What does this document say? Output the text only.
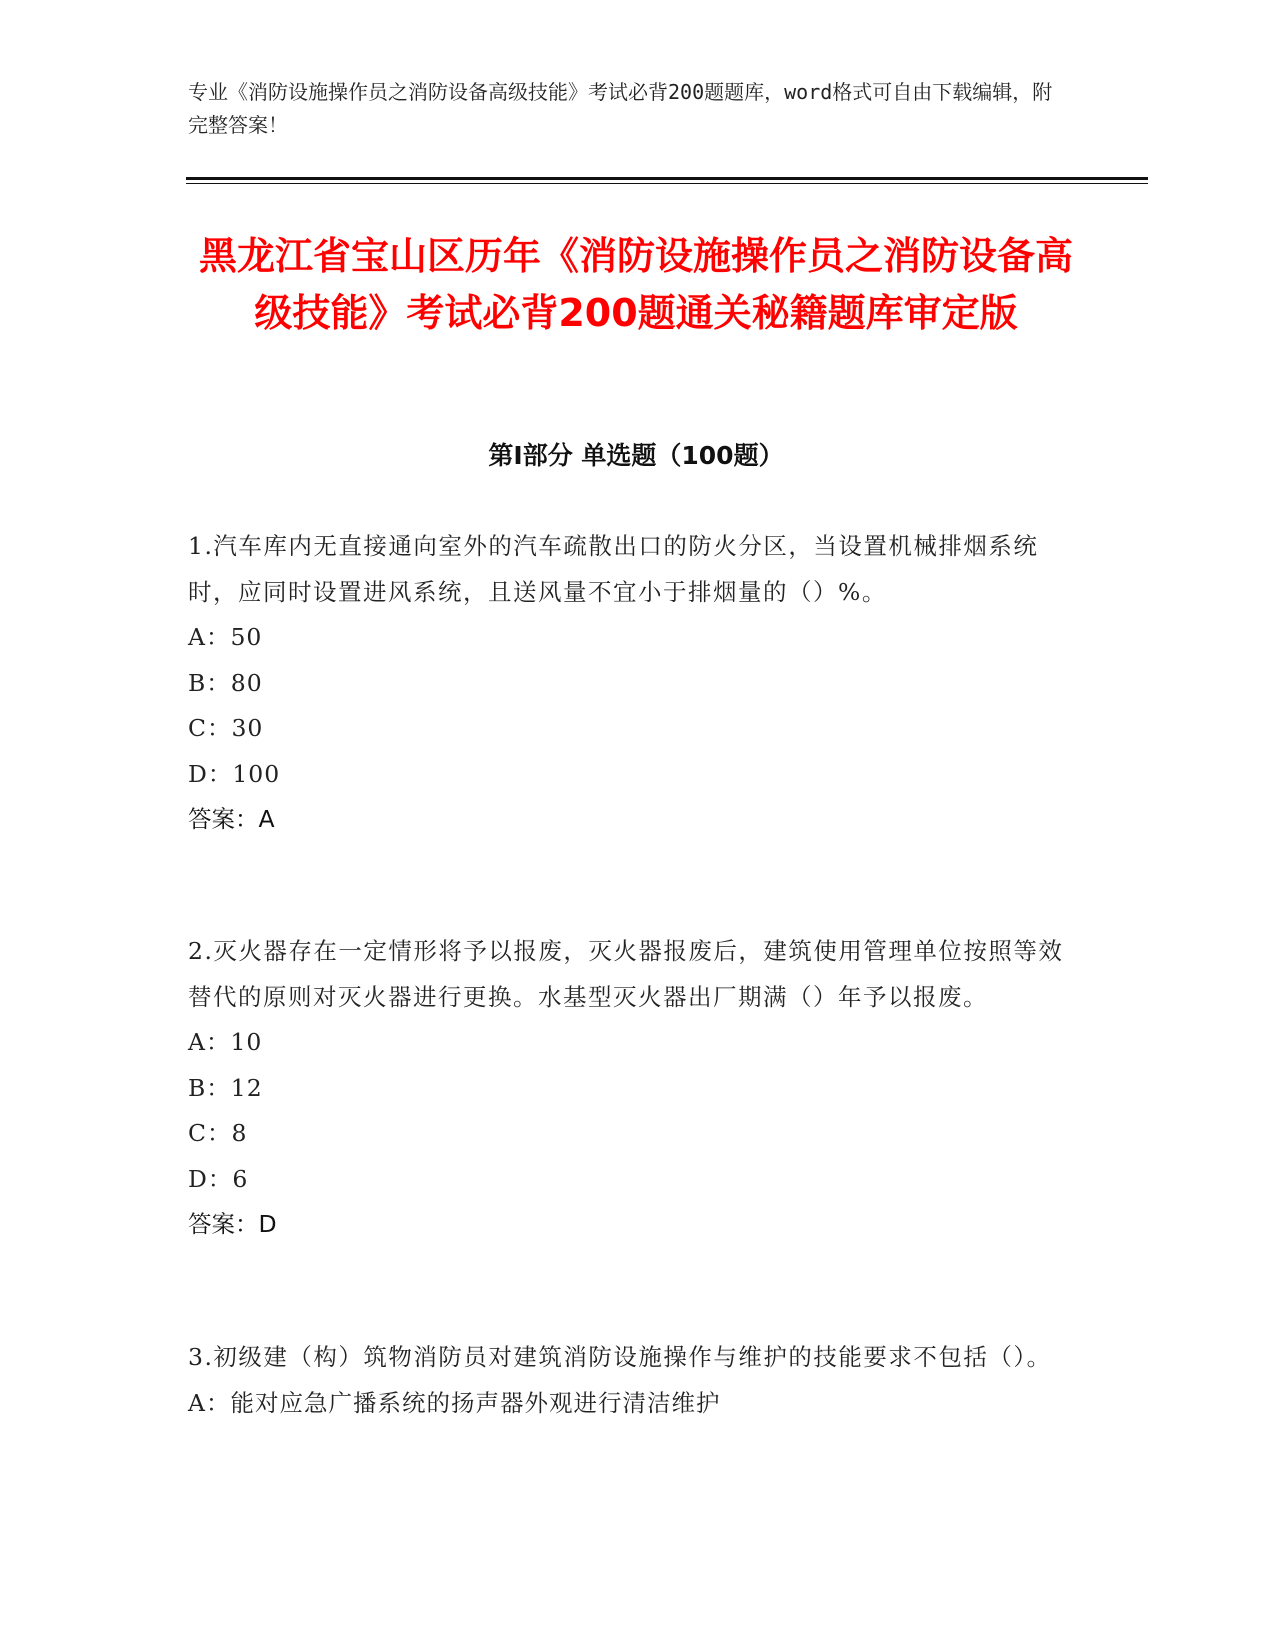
专业《消防设施操作员之消防设备高级技能》考试必背200题题库，word格式可自由下载编辑，附完整答案！
黑龙江省宝山区历年《消防设施操作员之消防设备高级技能》考试必背200题通关秘籍题库审定版
第Ⅰ部分 单选题（100题）

1.汽车库内无直接通向室外的汽车疏散出口的防火分区，当设置机械排烟系统时，应同时设置进风系统，且送风量不宜小于排烟量的（）%。

A：50

B：80

C：30

D：100

答案：A

2.灭火器存在一定情形将予以报废，灭火器报废后，建筑使用管理单位按照等效替代的原则对灭火器进行更换。水基型灭火器出厂期满（）年予以报废。

A：10

B：12

C：8

D：6

答案：D

3.初级建（构）筑物消防员对建筑消防设施操作与维护的技能要求不包括（）。

A：能对应急广播系统的扬声器外观进行清洁维护
